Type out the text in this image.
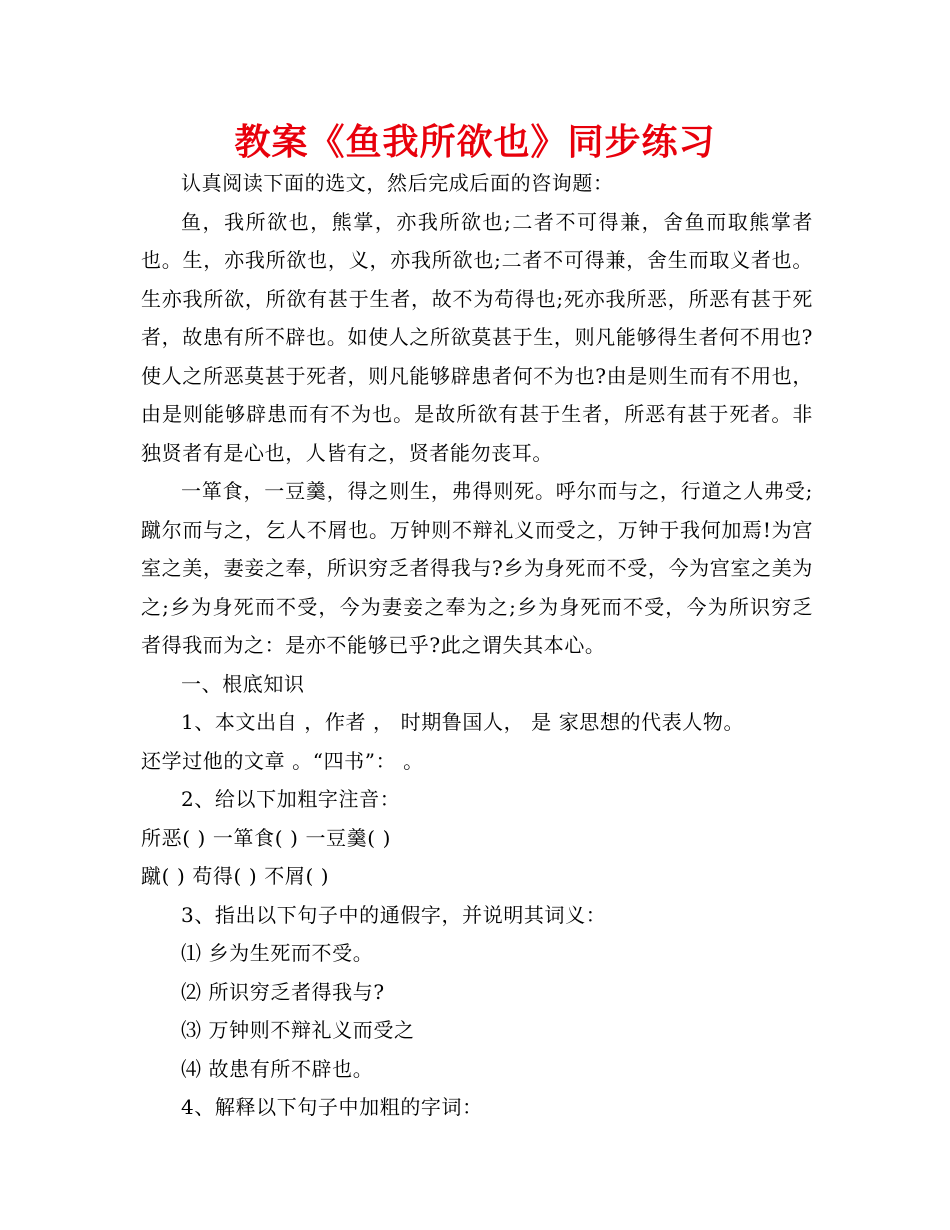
教案《鱼我所欲也》同步练习

认真阅读下面的选文，然后完成后面的咨询题：

鱼，我所欲也，熊掌，亦我所欲也;二者不可得兼，舍鱼而取熊掌者也。生，亦我所欲也，义，亦我所欲也;二者不可得兼，舍生而取义者也。生亦我所欲，所欲有甚于生者，故不为苟得也;死亦我所恶，所恶有甚于死者，故患有所不辟也。如使人之所欲莫甚于生，则凡能够得生者何不用也?使人之所恶莫甚于死者，则凡能够辟患者何不为也?由是则生而有不用也，由是则能够辟患而有不为也。是故所欲有甚于生者，所恶有甚于死者。非独贤者有是心也，人皆有之，贤者能勿丧耳。

一箪食，一豆羹，得之则生，弗得则死。呼尔而与之，行道之人弗受;蹴尔而与之，乞人不屑也。万钟则不辩礼义而受之，万钟于我何加焉!为宫室之美，妻妾之奉，所识穷乏者得我与?乡为身死而不受，今为宫室之美为之;乡为身死而不受，今为妻妾之奉为之;乡为身死而不受，今为所识穷乏者得我而为之：是亦不能够已乎?此之谓失其本心。

一、根底知识

1、本文出自 ，作者 ， 时期鲁国人， 是 家思想的代表人物。

还学过他的文章 。“四书”： 。

2、给以下加粗字注音：

所恶( ) 一箪食( ) 一豆羹( )

蹴( ) 苟得( ) 不屑( )

3、指出以下句子中的通假字，并说明其词义：

⑴ 乡为生死而不受。

⑵ 所识穷乏者得我与?

⑶ 万钟则不辩礼义而受之

⑷ 故患有所不辟也。

4、解释以下句子中加粗的字词：
